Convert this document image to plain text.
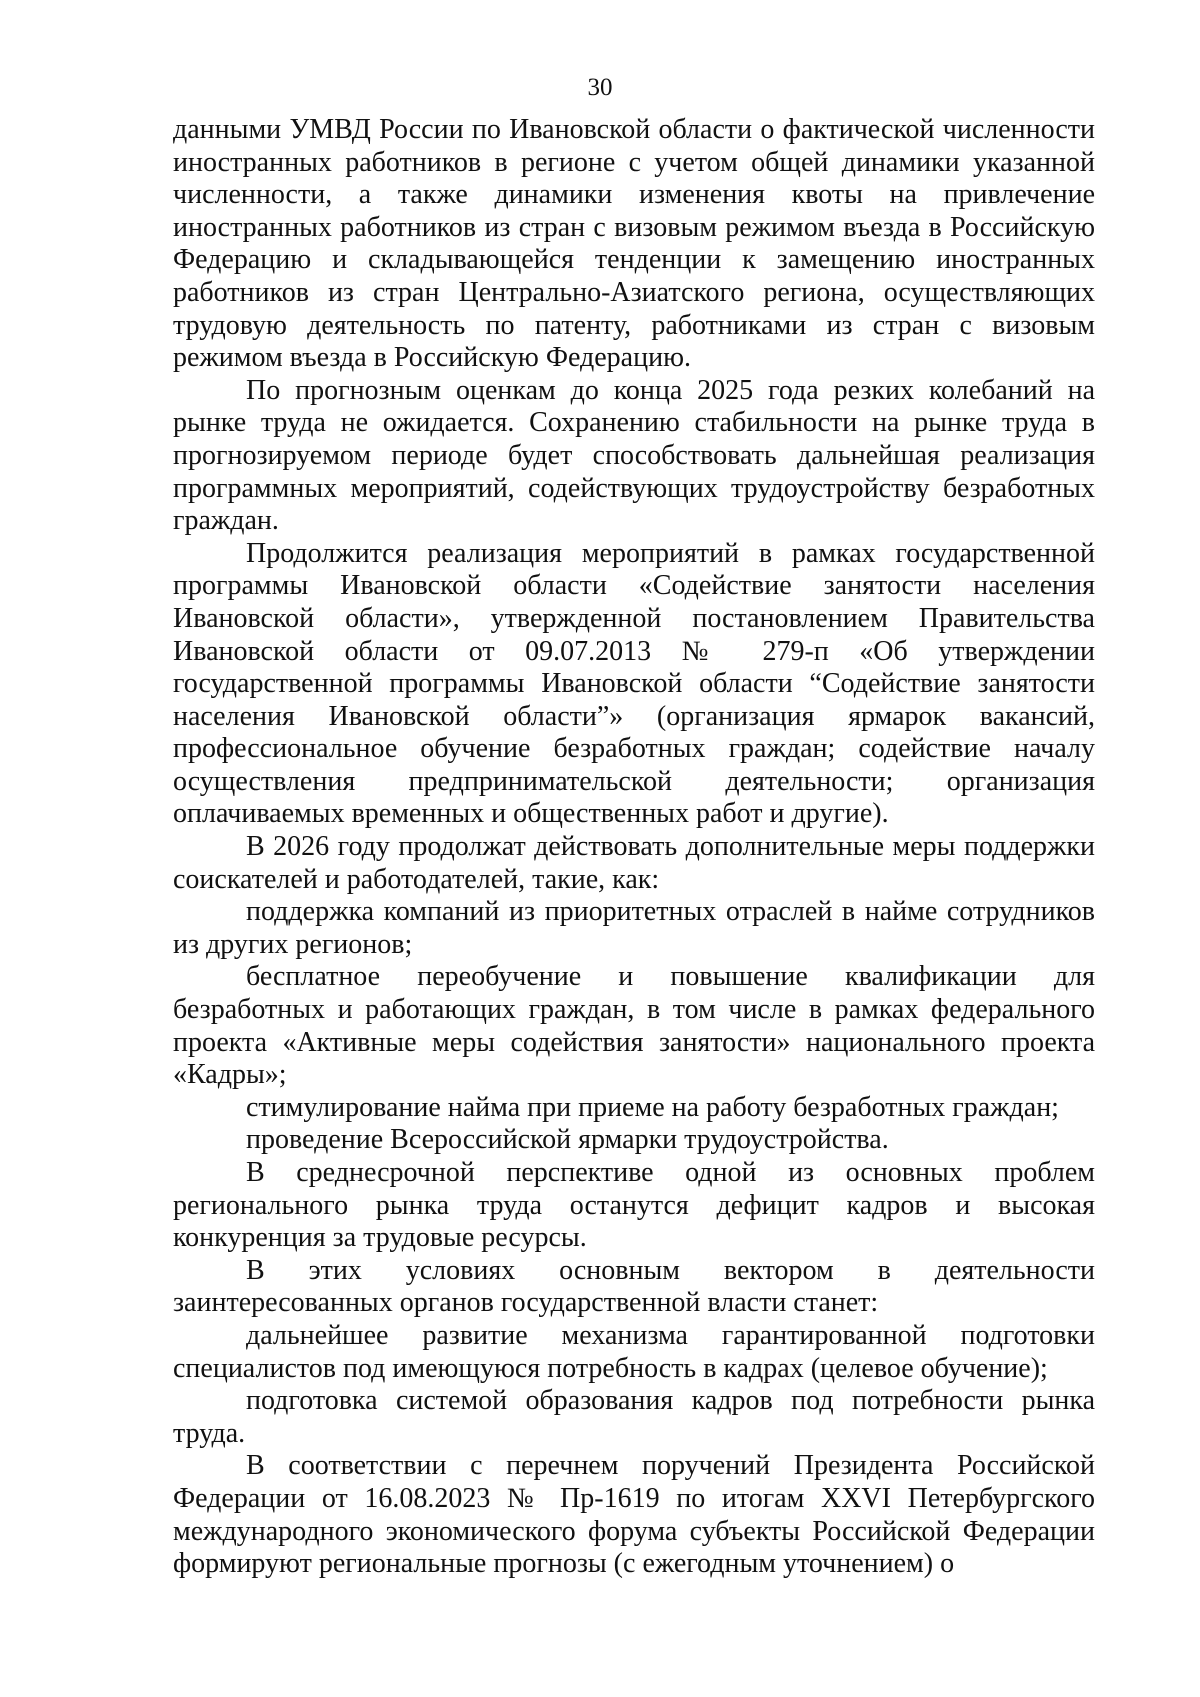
30

данными УМВД России по Ивановской области о фактической численности иностранных работников в регионе с учетом общей динамики указанной численности, а также динамики изменения квоты на привлечение иностранных работников из стран с визовым режимом въезда в Российскую Федерацию и складывающейся тенденции к замещению иностранных работников из стран Центрально-Азиатского региона, осуществляющих трудовую деятельность по патенту, работниками из стран с визовым режимом въезда в Российскую Федерацию.

По прогнозным оценкам до конца 2025 года резких колебаний на рынке труда не ожидается. Сохранению стабильности на рынке труда в прогнозируемом периоде будет способствовать дальнейшая реализация программных мероприятий, содействующих трудоустройству безработных граждан.

Продолжится реализация мероприятий в рамках государственной программы Ивановской области «Содействие занятости населения Ивановской области», утвержденной постановлением Правительства Ивановской области от 09.07.2013 № 279-п «Об утверждении государственной программы Ивановской области “Содействие занятости населения Ивановской области”» (организация ярмарок вакансий, профессиональное обучение безработных граждан; содействие началу осуществления предпринимательской деятельности; организация оплачиваемых временных и общественных работ и другие).

В 2026 году продолжат действовать дополнительные меры поддержки соискателей и работодателей, такие, как:

поддержка компаний из приоритетных отраслей в найме сотрудников из других регионов;

бесплатное переобучение и повышение квалификации для безработных и работающих граждан, в том числе в рамках федерального проекта «Активные меры содействия занятости» национального проекта «Кадры»;

стимулирование найма при приеме на работу безработных граждан;

проведение Всероссийской ярмарки трудоустройства.

В среднесрочной перспективе одной из основных проблем регионального рынка труда останутся дефицит кадров и высокая конкуренция за трудовые ресурсы.

В этих условиях основным вектором в деятельности заинтересованных органов государственной власти станет:

дальнейшее развитие механизма гарантированной подготовки специалистов под имеющуюся потребность в кадрах (целевое обучение);

подготовка системой образования кадров под потребности рынка труда.

В соответствии с перечнем поручений Президента Российской Федерации от 16.08.2023 № Пр-1619 по итогам XXVI Петербургского международного экономического форума субъекты Российской Федерации формируют региональные прогнозы (с ежегодным уточнением) о
